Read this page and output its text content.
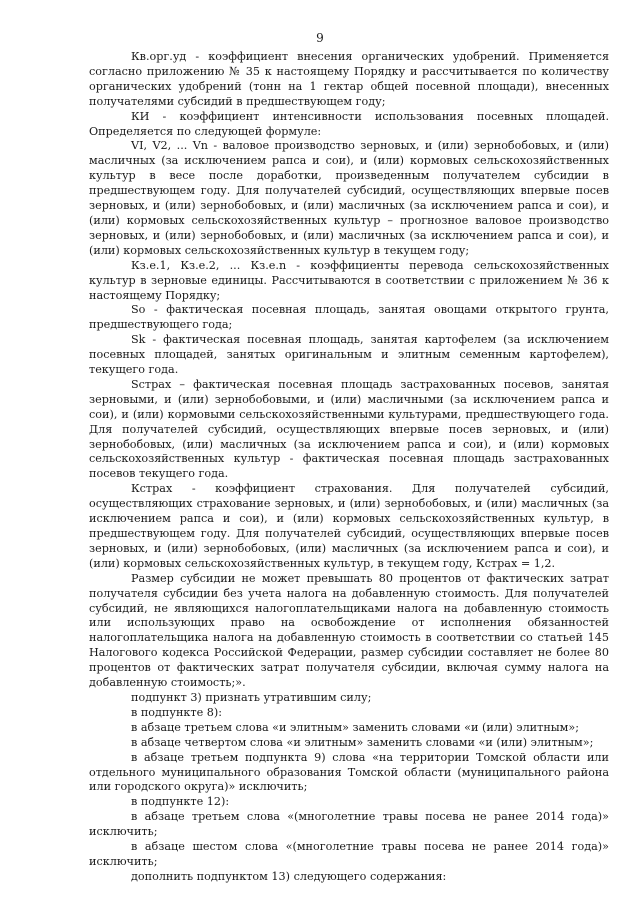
9

Кв.орг.уд - коэффициент внесения органических удобрений. Применяется согласно приложению № 35 к настоящему Порядку и рассчитывается по количеству органических удобрений (тонн на 1 гектар общей посевной площади), внесенных получателями субсидий в предшествующем году;

КИ - коэффициент интенсивности использования посевных площадей. Определяется по следующей формуле:

VI, V2, ... Vn - валовое производство зерновых, и (или) зернобобовых, и (или) масличных (за исключением рапса и сои), и (или) кормовых сельскохозяйственных культур в весе после доработки, произведенным получателем субсидии в предшествующем году. Для получателей субсидий, осуществляющих впервые посев зерновых, и (или) зернобобовых, и (или) масличных (за исключением рапса и сои), и (или) кормовых сельскохозяйственных культур – прогнозное валовое производство зерновых, и (или) зернобобовых, и (или) масличных (за исключением рапса и сои), и (или) кормовых сельскохозяйственных культур в текущем году;

Кз.е.1, Кз.е.2, ... Кз.е.n - коэффициенты перевода сельскохозяйственных культур в зерновые единицы. Рассчитываются в соответствии с приложением № 36 к настоящему Порядку;

So - фактическая посевная площадь, занятая овощами открытого грунта, предшествующего года;

Sk - фактическая посевная площадь, занятая картофелем (за исключением посевных площадей, занятых оригинальным и элитным семенным картофелем), текущего года.

Sстрах – фактическая посевная площадь застрахованных посевов, занятая зерновыми, и (или) зернобобовыми, и (или) масличными (за исключением рапса и сои), и (или) кормовыми сельскохозяйственными культурами, предшествующего года. Для получателей субсидий, осуществляющих впервые посев зерновых, и (или) зернобобовых, (или) масличных (за исключением рапса и сои), и (или) кормовых сельскохозяйственных культур - фактическая посевная площадь застрахованных посевов текущего года.

Кстрах - коэффициент страхования. Для получателей субсидий, осуществляющих страхование зерновых, и (или) зернобобовых, и (или) масличных (за исключением рапса и сои), и (или) кормовых сельскохозяйственных культур, в предшествующем году. Для получателей субсидий, осуществляющих впервые посев зерновых, и (или) зернобобовых, (или) масличных (за исключением рапса и сои), и (или) кормовых сельскохозяйственных культур, в текущем году, Кстрах = 1,2.

Размер субсидии не может превышать 80 процентов от фактических затрат получателя субсидии без учета налога на добавленную стоимость. Для получателей субсидий, не являющихся налогоплательщиками налога на добавленную стоимость или использующих право на освобождение от исполнения обязанностей налогоплательщика налога на добавленную стоимость в соответствии со статьей 145 Налогового кодекса Российской Федерации, размер субсидии составляет не более 80 процентов от фактических затрат получателя субсидии, включая сумму налога на добавленную стоимость;».

подпункт 3) признать утратившим силу;

в подпункте 8):

в абзаце третьем слова «и элитным» заменить словами «и (или) элитным»;

в абзаце четвертом слова «и элитным» заменить словами «и (или) элитным»;

в абзаце третьем подпункта 9) слова «на территории Томской области или отдельного муниципального образования Томской области (муниципального района или городского округа)» исключить;

в подпункте 12):

в абзаце третьем слова «(многолетние травы посева не ранее 2014 года)» исключить;

в абзаце шестом слова «(многолетние травы посева не ранее 2014 года)» исключить;

дополнить подпунктом 13) следующего содержания:
